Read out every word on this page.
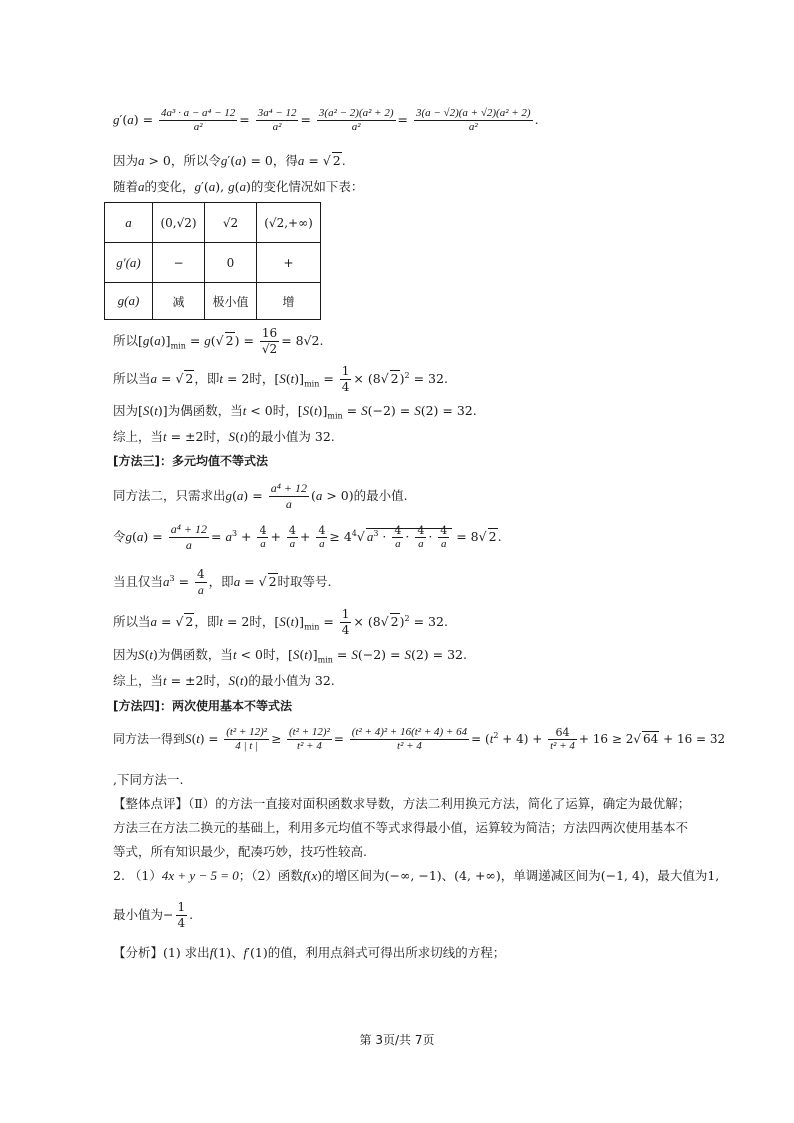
$g'(a) = \frac{\text{4a³ · a − a⁴ − 12}}{\text{a²}} = \frac{\text{3a⁴ − 12}}{\text{a²}} = \frac{\text{3(a² − 2)(a² + 2)}}{\text{a²}} = \frac{\text{3(a − √2)(a + √2)(a² + 2)}}{\text{a²}}$ .
因为a > 0，所以令g′(a) = 0，得a = √ 2.
随着a的变化，g′(a), g(a)的变化情况如下表：
a	(0,√2)	√2	(√2,+∞)
g′(a)	−	0	+
g(a)	减	极小值	增
所以$[g(a)]_{min} = g(√$ $2) = \frac{16}{√2} = 8√2$.
所以当a = √ 2，即t = 2时，$[S(t)]_{min} = \frac{1}{4} \times (8√$ 2)$^2$ = 32.
因为[S(t)]为偶函数，当t < 0时，$[S(t)]_{min} = S(-2) = S(2) = 32$.
综上，当t = ±2时，S(t)的最小值为 32.
[方法三]：多元均值不等式法
同方法二，只需求出$g(a) = \frac{\text{a⁴ + 12}}{a} (a > 0)$的最小值.
令$g(a) = \frac{\text{a⁴ + 12}}{a} = a^3 + \frac{4}{a} + \frac{4}{a} + \frac{4}{a} \ge 4^4√$ $a^3 \cdot \frac{4}{a} \cdot \frac{4}{a} \cdot \frac{4}{a} = 8√$ 2.
当且仅当$a^3 = \frac{4}{a}$ ，即a = √ 2时取等号.
所以当a = √ 2，即t = 2时，$[S(t)]_{min} = \frac{1}{4} \times (8√$ 2)$^2$ = 32.
因为S(t)为偶函数，当t < 0时，$[S(t)]_{min} = S(-2) = S(2) = 32$.
综上，当t = ±2时，S(t)的最小值为 32.
[方法四]：两次使用基本不等式法
同方法一得到$S(t) = \frac{\text{(t² + 12)²}}{4 | t |} \ge \frac{\text{(t² + 12)²}}{\text{t² + 4}} = \frac{\text{(t² + 4)² + 16(t² + 4) + 64}}{\text{t² + 4}} = (t^2 + 4) + \frac{64}{\text{t² + 4}} + 16 \ge 2√$ 64 + 16 = 32
,下同方法一.
【整体点评】（Ⅱ）的方法一直接对面积函数求导数，方法二利用换元方法，简化了运算，确定为最优解；
方法三在方法二换元的基础上，利用多元均值不等式求得最小值，运算较为简洁；方法四两次使用基本不
等式，所有知识最少，配凑巧妙，技巧性较高.
2. （1）4x + y − 5 = 0；（2）函数f(x)的增区间为(−∞, −1)、(4, +∞)，单调递减区间为(−1, 4)，最大值为1,
最小值为− $\frac{1}{4}$ .
【分析】(1) 求出f(1)、f′(1)的值，利用点斜式可得出所求切线的方程；
第 3页/共 7页
